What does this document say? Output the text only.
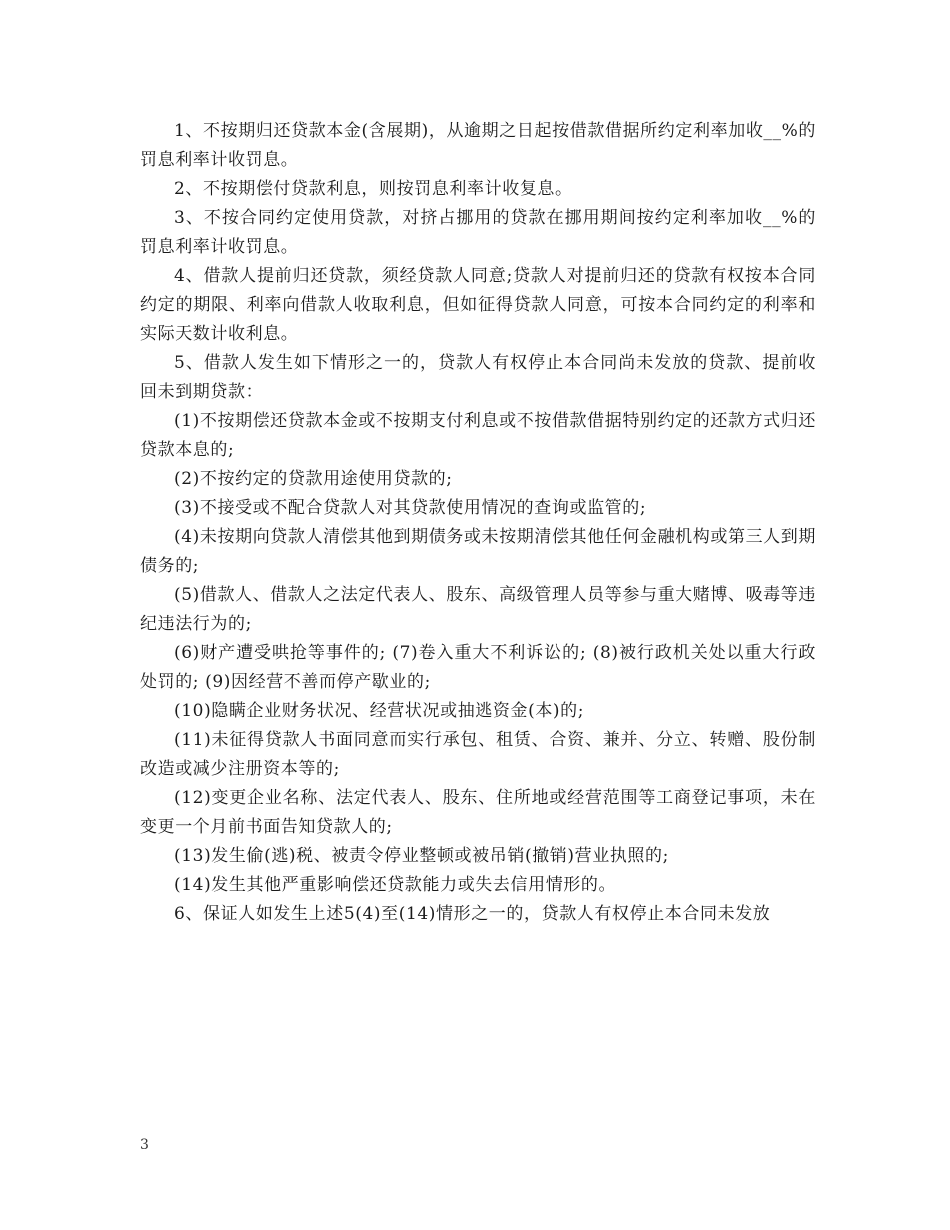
1、不按期归还贷款本金(含展期)，从逾期之日起按借款借据所约定利率加收__%的罚息利率计收罚息。

2、不按期偿付贷款利息，则按罚息利率计收复息。

3、不按合同约定使用贷款，对挤占挪用的贷款在挪用期间按约定利率加收__%的罚息利率计收罚息。

4、借款人提前归还贷款，须经贷款人同意;贷款人对提前归还的贷款有权按本合同约定的期限、利率向借款人收取利息，但如征得贷款人同意，可按本合同约定的利率和实际天数计收利息。

5、借款人发生如下情形之一的，贷款人有权停止本合同尚未发放的贷款、提前收回未到期贷款：

(1)不按期偿还贷款本金或不按期支付利息或不按借款借据特别约定的还款方式归还贷款本息的;

(2)不按约定的贷款用途使用贷款的;

(3)不接受或不配合贷款人对其贷款使用情况的查询或监管的;

(4)未按期向贷款人清偿其他到期债务或未按期清偿其他任何金融机构或第三人到期债务的;

(5)借款人、借款人之法定代表人、股东、高级管理人员等参与重大赌博、吸毒等违纪违法行为的;

(6)财产遭受哄抢等事件的; (7)卷入重大不利诉讼的; (8)被行政机关处以重大行政处罚的; (9)因经营不善而停产歇业的;

(10)隐瞒企业财务状况、经营状况或抽逃资金(本)的;

(11)未征得贷款人书面同意而实行承包、租赁、合资、兼并、分立、转赠、股份制改造或减少注册资本等的;

(12)变更企业名称、法定代表人、股东、住所地或经营范围等工商登记事项，未在变更一个月前书面告知贷款人的;

(13)发生偷(逃)税、被责令停业整顿或被吊销(撤销)营业执照的;

(14)发生其他严重影响偿还贷款能力或失去信用情形的。

6、保证人如发生上述5(4)至(14)情形之一的，贷款人有权停止本合同未发放

3
